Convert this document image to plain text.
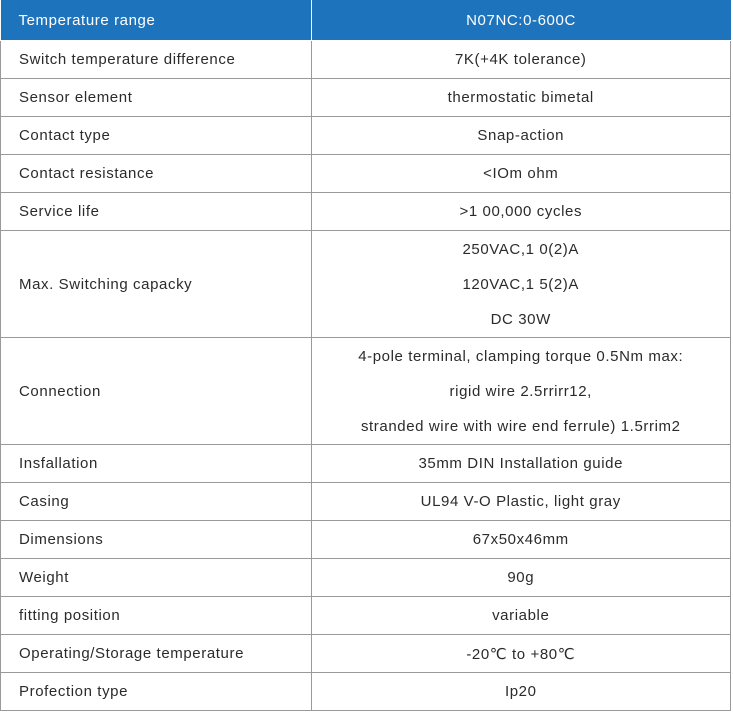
Temperature range	N07NC:0-600C
Switch temperature difference	7K(+4K tolerance)
Sensor element	thermostatic bimetal
Contact type	Snap-action
Contact resistance	<IOm ohm
Service life	>1 00,000 cycles
Max. Switching capacky	250VAC,1 0(2)A
120VAC,1 5(2)A
DC 30W

Connection	4-pole terminal, clamping torque 0.5Nm max:
rigid wire 2.5rrirr12,
stranded wire with wire end ferrule) 1.5rrim2

Insfallation	35mm DIN Installation guide
Casing	UL94 V-O Plastic, light gray
Dimensions	67x50x46mm
Weight	90g
fitting position	variable
Operating/Storage temperature	-20℃ to +80℃
Profection type	Ip20
